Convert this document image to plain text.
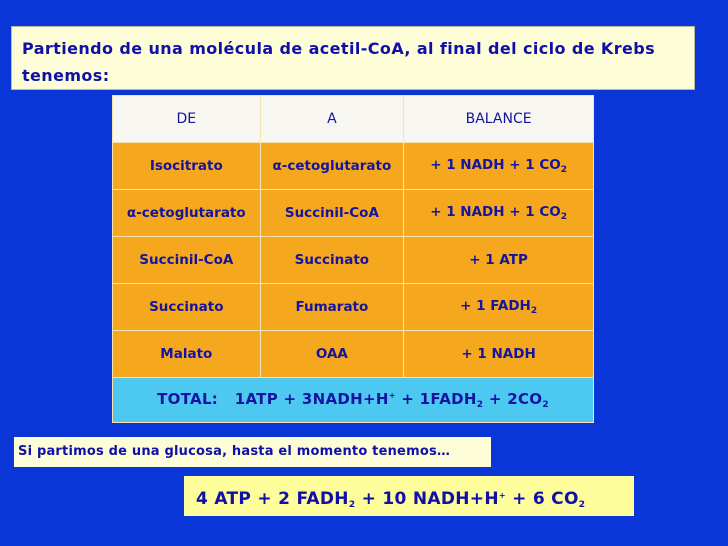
Partiendo de una molécula de acetil-CoA, al final del ciclo de Krebs tenemos:
DE	A	BALANCE
Isocitrato	α-cetoglutarato	+ 1 NADH + 1 $CO_2$
α-cetoglutarato	Succinil-CoA	+ 1 NADH + 1 $CO_2$
Succinil-CoA	Succinato	+ 1 ATP
Succinato	Fumarato	+ 1 $FADH_2$
Malato	OAA	+ 1 NADH
TOTAL: 1ATP + 3NADH+H+ + $1FADH_2 + 2CO_2$
Si partimos de una glucosa, hasta el momento tenemos…
4 ATP + 2 $FADH_2 + 10$ NADH+H+ + 6 $CO_2$
